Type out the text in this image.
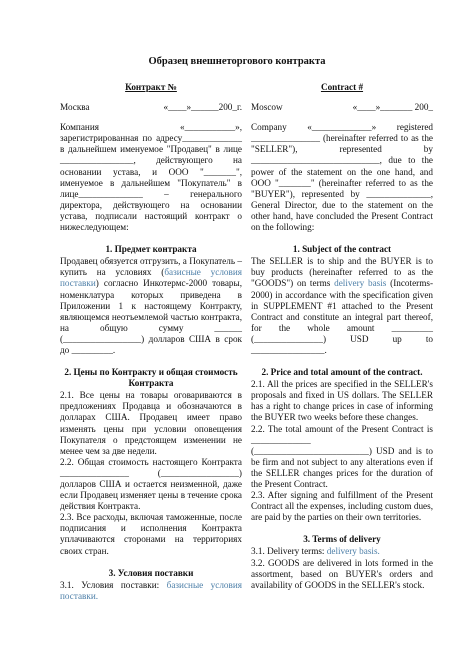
Образец внешнеторгового контракта
Контракт №
Москва	«____»______200_г.

Компания «___________», зарегистрированная по адресу_____________ в дальнейшем именуемое "Продавец" в лице ________________, действующего на основании устава, и ООО "_______", именуемое в дальнейшем "Покупатель" в лице______________ – генерального директора, действующего на основании устава, подписали настоящий контракт о нижеследующем:

1. Предмет контракта

Продавец обязуется отгрузить, а Покупатель – купить на условиях (базисные условия поставки) согласно Инкотермс-2000 товары, номенклатура которых приведена в Приложении 1 к настоящему Контракту, являющемся неотъемлемой частью контракта, на общую сумму ______ (_________________) долларов США в срок до _________.

2. Цены по Контракту и общая стоимость Контракта

2.1. Все цены на товары оговариваются в предложениях Продавца и обозначаются в долларах США. Продавец имеет право изменять цены при условии оповещения Покупателя о предстоящем изменении не менее чем за две недели.

2.2. Общая стоимость настоящего Контракта _______________ (_________________) долларов США и остается неизменной, даже если Продавец изменяет цены в течение срока действия Контракта.

2.3. Все расходы, включая таможенные, после подписания и исполнения Контракта уплачиваются сторонами на территориях своих стран.

3. Условия поставки

3.1. Условия поставки: базисные условия поставки.

Contract #
Moscow	«____»_______ 200_

Company «_____________» registered _______________ (hereinafter referred to as the "SELLER"), represented by ____________________________, due to the power of the statement on the one hand, and OOO "_______" (hereinafter referred to as the "BUYER"), represented by ______________, General Director, due to the statement on the other hand, have concluded the Present Contract on the following:

1. Subject of the contract

The SELLER is to ship and the BUYER is to buy products (hereinafter referred to as the "GOODS") on terms delivery basis (Incoterms-2000) in accordance with the specification given in SUPPLEMENT #1 attached to the Present Contract and constitute an integral part thereof, for the whole amount _________ (_______________) USD up to ________________.

2. Price and total amount of the contract.

2.1. All the prices are specified in the SELLER's proposals and fixed in US dollars. The SELLER has a right to change prices in case of informing the BUYER two weeks before these changes.

2.2. The total amount of the Present Contract is _____________ (_________________________) USD and is to be firm and not subject to any alterations even if the SELLER changes prices for the duration of the Present Contract.

2.3. After signing and fulfillment of the Present Contract all the expenses, including custom dues, are paid by the parties on their own territories.

3. Terms of delivery

3.1. Delivery terms: delivery basis.

3.2. GOODS are delivered in lots formed in the assortment, based on BUYER's orders and availability of GOODS in the SELLER's stock.
